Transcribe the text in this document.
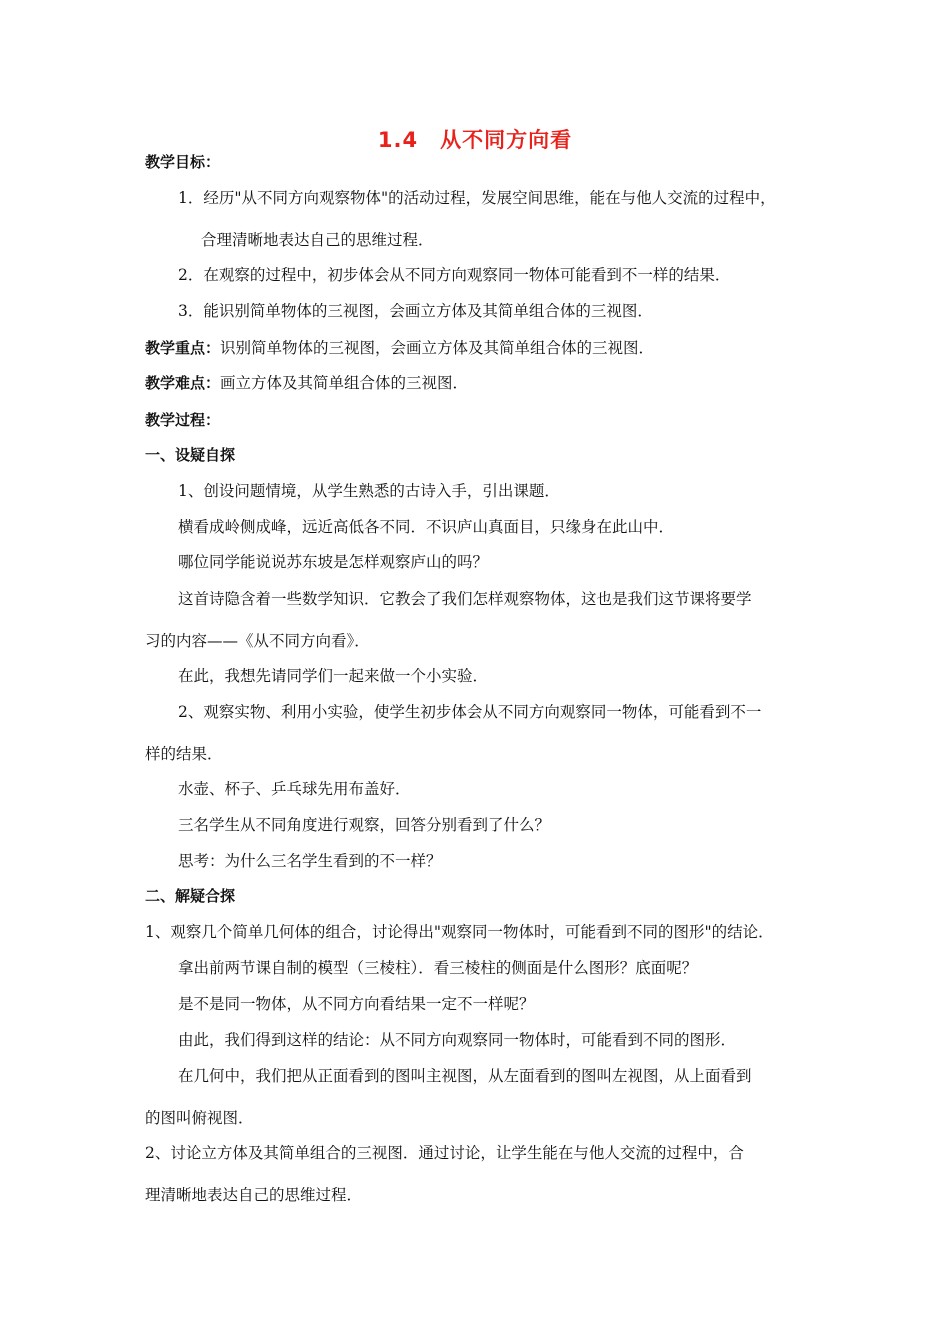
1.4　从不同方向看
教学目标：
1．经历"从不同方向观察物体"的活动过程，发展空间思维，能在与他人交流的过程中，
合理清晰地表达自己的思维过程．
2．在观察的过程中，初步体会从不同方向观察同一物体可能看到不一样的结果．
3．能识别简单物体的三视图，会画立方体及其简单组合体的三视图．
教学重点：识别简单物体的三视图，会画立方体及其简单组合体的三视图．
教学难点：画立方体及其简单组合体的三视图．
教学过程：
一、设疑自探
1、创设问题情境，从学生熟悉的古诗入手，引出课题．
横看成岭侧成峰，远近高低各不同．不识庐山真面目，只缘身在此山中．
哪位同学能说说苏东坡是怎样观察庐山的吗？
这首诗隐含着一些数学知识．它教会了我们怎样观察物体，这也是我们这节课将要学
习的内容——《从不同方向看》．
在此，我想先请同学们一起来做一个小实验．
2、观察实物、利用小实验，使学生初步体会从不同方向观察同一物体，可能看到不一
样的结果．
水壶、杯子、乒乓球先用布盖好．
三名学生从不同角度进行观察，回答分别看到了什么？
思考：为什么三名学生看到的不一样？
二、解疑合探
1、观察几个简单几何体的组合，讨论得出"观察同一物体时，可能看到不同的图形"的结论．
拿出前两节课自制的模型（三棱柱）．看三棱柱的侧面是什么图形？底面呢？
是不是同一物体，从不同方向看结果一定不一样呢？
由此，我们得到这样的结论：从不同方向观察同一物体时，可能看到不同的图形．
在几何中，我们把从正面看到的图叫主视图，从左面看到的图叫左视图，从上面看到
的图叫俯视图．
2、讨论立方体及其简单组合的三视图．通过讨论，让学生能在与他人交流的过程中，合
理清晰地表达自己的思维过程．
